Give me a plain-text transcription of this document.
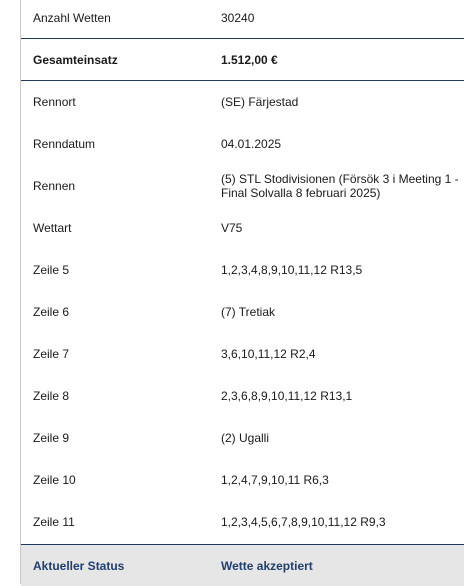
Anzahl Wetten	30240
Gesamteinsatz	1.512,00 €
Rennort	(SE) Färjestad
Renndatum	04.01.2025
Rennen	(5) STL Stodivisionen (Försök 3 i Meeting 1 - Final Solvalla 8 februari 2025)
Wettart	V75
Zeile 5	1,2,3,4,8,9,10,11,12 R13,5
Zeile 6	(7) Tretiak
Zeile 7	3,6,10,11,12 R2,4
Zeile 8	2,3,6,8,9,10,11,12 R13,1
Zeile 9	(2) Ugalli
Zeile 10	1,2,4,7,9,10,11 R6,3
Zeile 11	1,2,3,4,5,6,7,8,9,10,11,12 R9,3
Aktueller Status	Wette akzeptiert
